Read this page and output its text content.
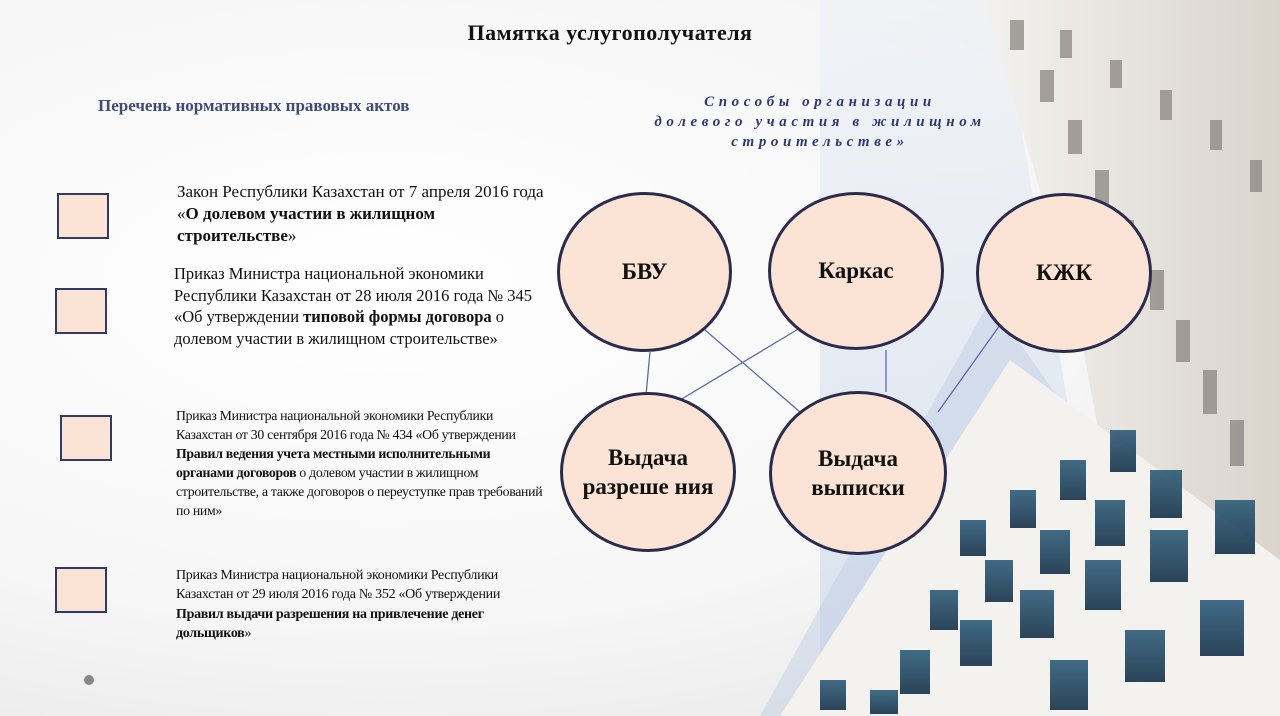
Памятка услугополучателя
Перечень нормативных правовых актов	Способы организации
долевого участия в жилищном
строительстве»
Закон Республики Казахстан от 7 апреля 2016 года «О долевом участии в жилищном строительстве»
Приказ Министра национальной экономики Республики Казахстан от 28 июля 2016 года № 345 «Об утверждении типовой формы договора о долевом участии в жилищном строительстве»
Приказ Министра национальной экономики Республики Казахстан от 30 сентября 2016 года № 434 «Об утверждении Правил ведения учета местными исполнительными органами договоров о долевом участии в жилищном строительстве, а также договоров о переуступке прав требований по ним»
Приказ Министра национальной экономики Республики Казахстан от 29 июля 2016 года № 352 «Об утверждении Правил выдачи разрешения на привлечение денег дольщиков»
БВУ	Каркас	КЖК
Выдача разреше ния
Выдача выписки
